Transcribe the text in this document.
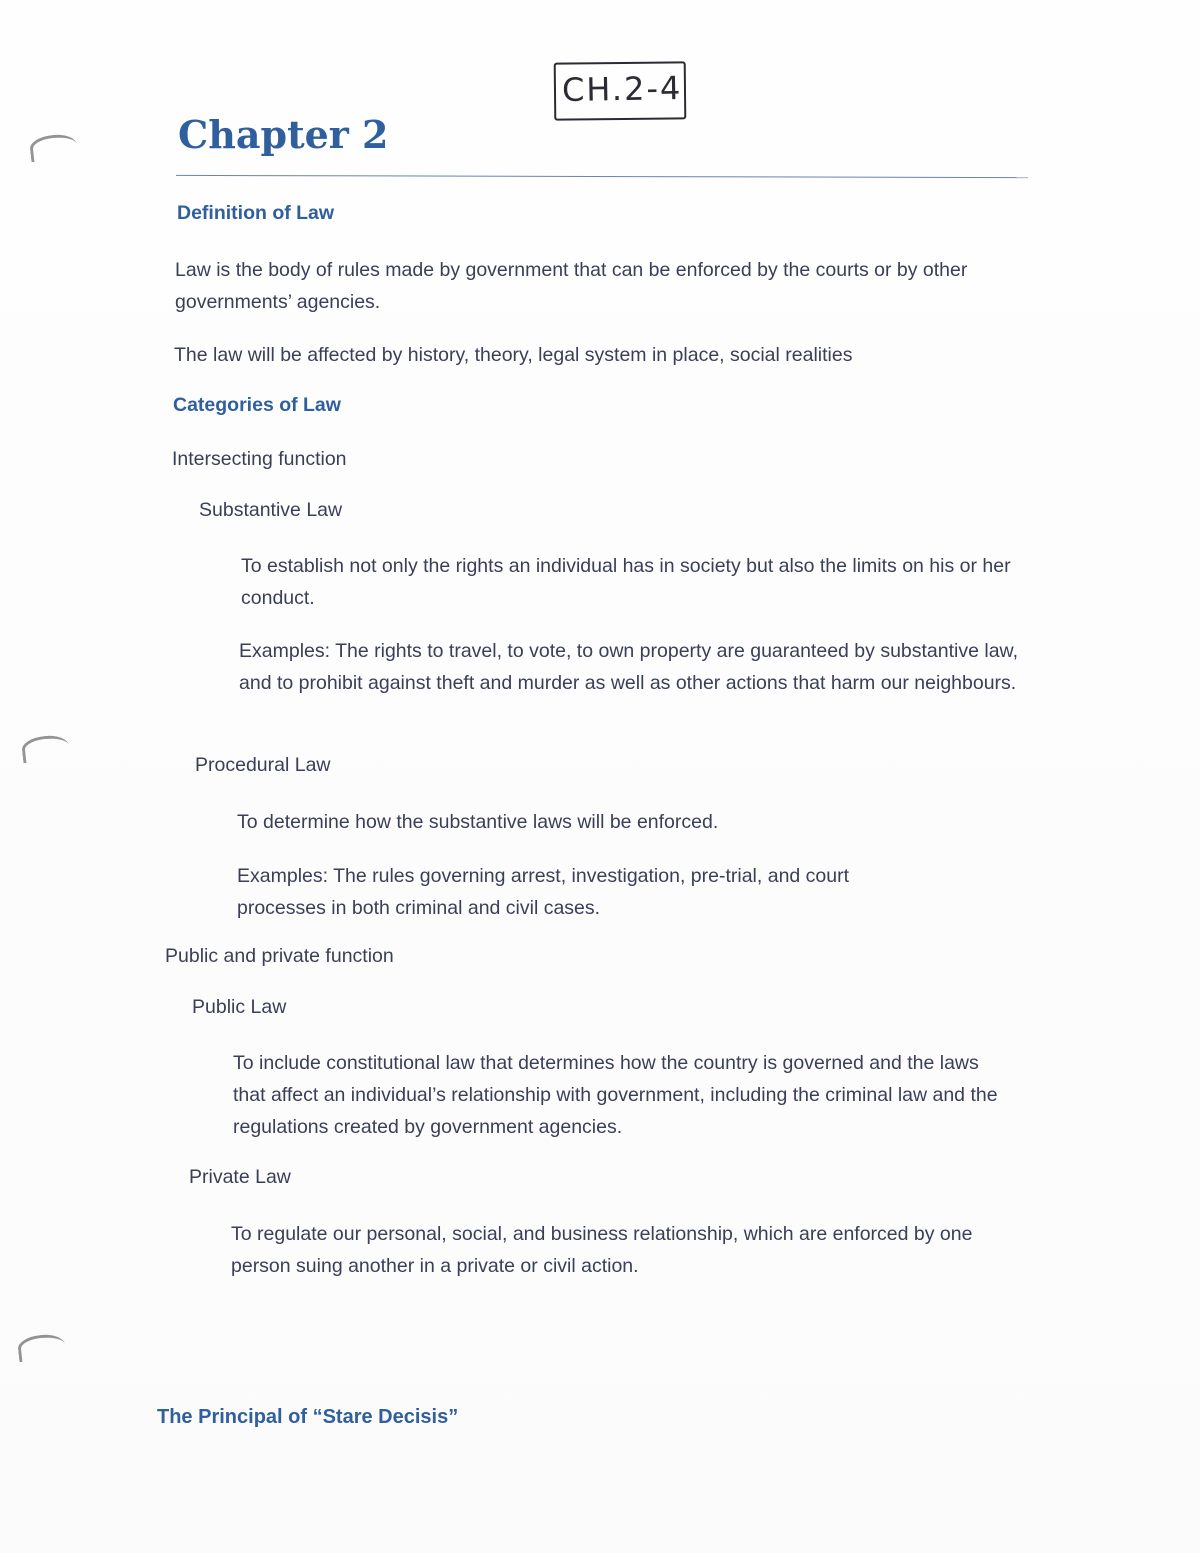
CH.2-4
Chapter 2

Definition of Law

Law is the body of rules made by government that can be enforced by the courts or by other governments’ agencies.

The law will be affected by history, theory, legal system in place, social realities

Categories of Law

Intersecting function

Substantive Law

To establish not only the rights an individual has in society but also the limits on his or her conduct.

Examples: The rights to travel, to vote, to own property are guaranteed by substantive law, and to prohibit against theft and murder as well as other actions that harm our neighbours.

Procedural Law

To determine how the substantive laws will be enforced.

Examples: The rules governing arrest, investigation, pre-trial, and court processes in both criminal and civil cases.

Public and private function

Public Law

To include constitutional law that determines how the country is governed and the laws that affect an individual’s relationship with government, including the criminal law and the regulations created by government agencies.

Private Law

To regulate our personal, social, and business relationship, which are enforced by one person suing another in a private or civil action.

The Principal of “Stare Decisis”
